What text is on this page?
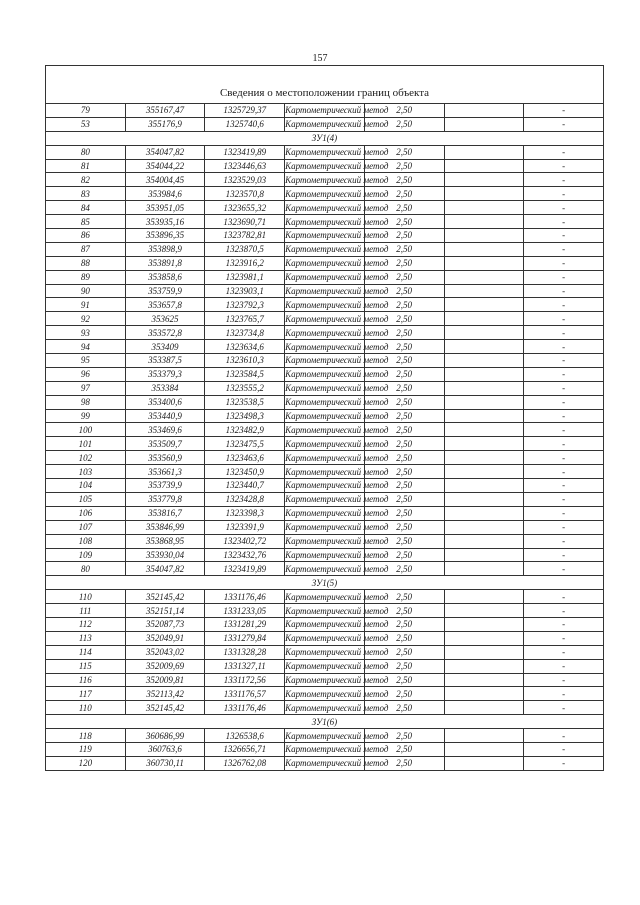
157
Сведения о местоположении границ объекта						
79	355167,47	1325729,37	Картометрический метод	2,50		-
53	355176,9	1325740,6	Картометрический метод	2,50		-
ЗУ1(4)						
80	354047,82	1323419,89	Картометрический метод	2,50		-
81	354044,22	1323446,63	Картометрический метод	2,50		-
82	354004,45	1323529,03	Картометрический метод	2,50		-
83	353984,6	1323570,8	Картометрический метод	2,50		-
84	353951,05	1323655,32	Картометрический метод	2,50		-
85	353935,16	1323690,71	Картометрический метод	2,50		-
86	353896,35	1323782,81	Картометрический метод	2,50		-
87	353898,9	1323870,5	Картометрический метод	2,50		-
88	353891,8	1323916,2	Картометрический метод	2,50		-
89	353858,6	1323981,1	Картометрический метод	2,50		-
90	353759,9	1323903,1	Картометрический метод	2,50		-
91	353657,8	1323792,3	Картометрический метод	2,50		-
92	353625	1323765,7	Картометрический метод	2,50		-
93	353572,8	1323734,8	Картометрический метод	2,50		-
94	353409	1323634,6	Картометрический метод	2,50		-
95	353387,5	1323610,3	Картометрический метод	2,50		-
96	353379,3	1323584,5	Картометрический метод	2,50		-
97	353384	1323555,2	Картометрический метод	2,50		-
98	353400,6	1323538,5	Картометрический метод	2,50		-
99	353440,9	1323498,3	Картометрический метод	2,50		-
100	353469,6	1323482,9	Картометрический метод	2,50		-
101	353509,7	1323475,5	Картометрический метод	2,50		-
102	353560,9	1323463,6	Картометрический метод	2,50		-
103	353661,3	1323450,9	Картометрический метод	2,50		-
104	353739,9	1323440,7	Картометрический метод	2,50		-
105	353779,8	1323428,8	Картометрический метод	2,50		-
106	353816,7	1323398,3	Картометрический метод	2,50		-
107	353846,99	1323391,9	Картометрический метод	2,50		-
108	353868,95	1323402,72	Картометрический метод	2,50		-
109	353930,04	1323432,76	Картометрический метод	2,50		-
80	354047,82	1323419,89	Картометрический метод	2,50		-
ЗУ1(5)						
110	352145,42	1331176,46	Картометрический метод	2,50		-
111	352151,14	1331233,05	Картометрический метод	2,50		-
112	352087,73	1331281,29	Картометрический метод	2,50		-
113	352049,91	1331279,84	Картометрический метод	2,50		-
114	352043,02	1331328,28	Картометрический метод	2,50		-
115	352009,69	1331327,11	Картометрический метод	2,50		-
116	352009,81	1331172,56	Картометрический метод	2,50		-
117	352113,42	1331176,57	Картометрический метод	2,50		-
110	352145,42	1331176,46	Картометрический метод	2,50		-
ЗУ1(6)						
118	360686,99	1326538,6	Картометрический метод	2,50		-
119	360763,6	1326656,71	Картометрический метод	2,50		-
120	360730,11	1326762,08	Картометрический метод	2,50		-
